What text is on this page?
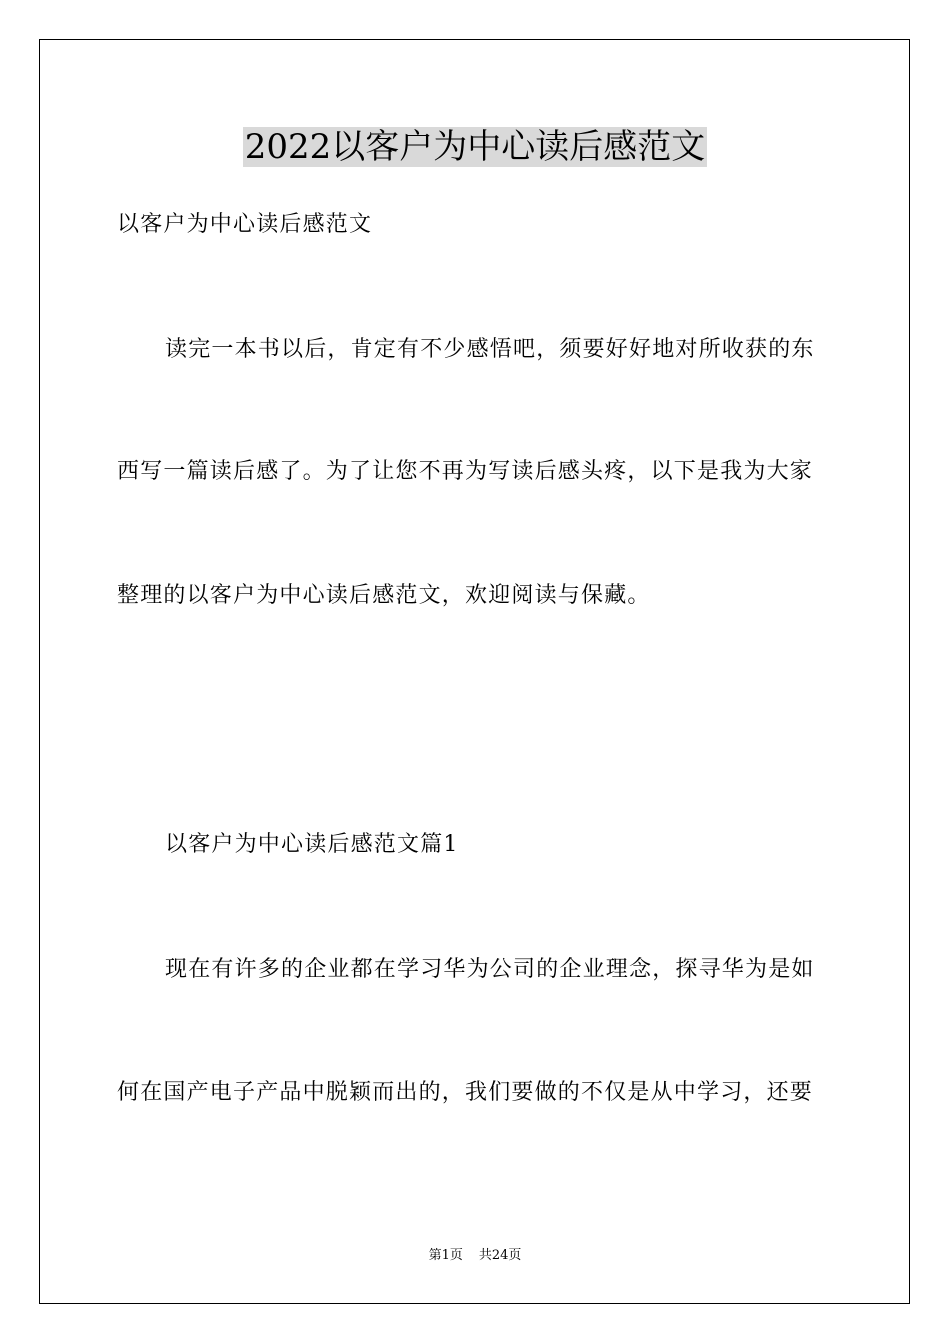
2022以客户为中心读后感范文

以客户为中心读后感范文

读完一本书以后，肯定有不少感悟吧，须要好好地对所收获的东

西写一篇读后感了。为了让您不再为写读后感头疼，以下是我为大家

整理的以客户为中心读后感范文，欢迎阅读与保藏。

以客户为中心读后感范文篇1

现在有许多的企业都在学习华为公司的企业理念，探寻华为是如

何在国产电子产品中脱颖而出的，我们要做的不仅是从中学习，还要

第1页 共24页
